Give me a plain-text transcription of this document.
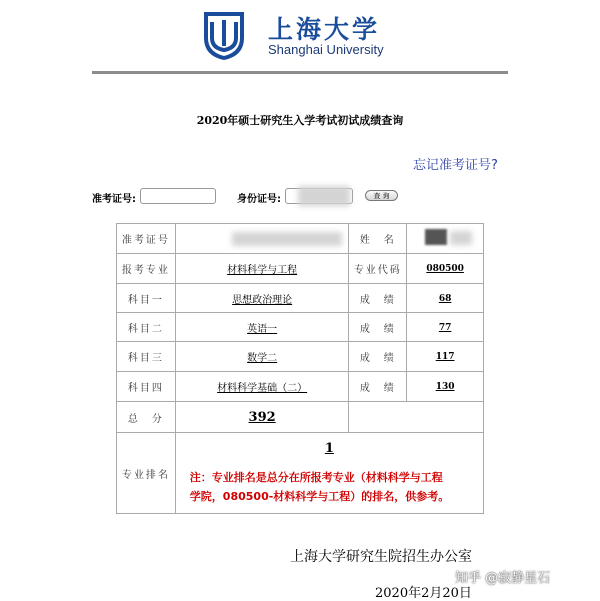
上海大学
Shanghai University
2020年硕士研究生入学考试初试成绩查询
忘记准考证号?
准考证号:	身份证号:	查 询
准考证号		姓　名	
报考专业	材料科学与工程	专业代码	080500
科目一	思想政治理论	成　绩	68
科目二	英语一	成　绩	77
科目三	数学二	成　绩	117
科目四	材料科学基础（二）	成　绩	130
总　分	392		
专业排名	1
注：专业排名是总分在所报考专业（材料科学与工程
学院，080500-材料科学与工程）的排名，供参考。		
上海大学研究生院招生办公室
知乎 @寂静星石
2020年2月20日
